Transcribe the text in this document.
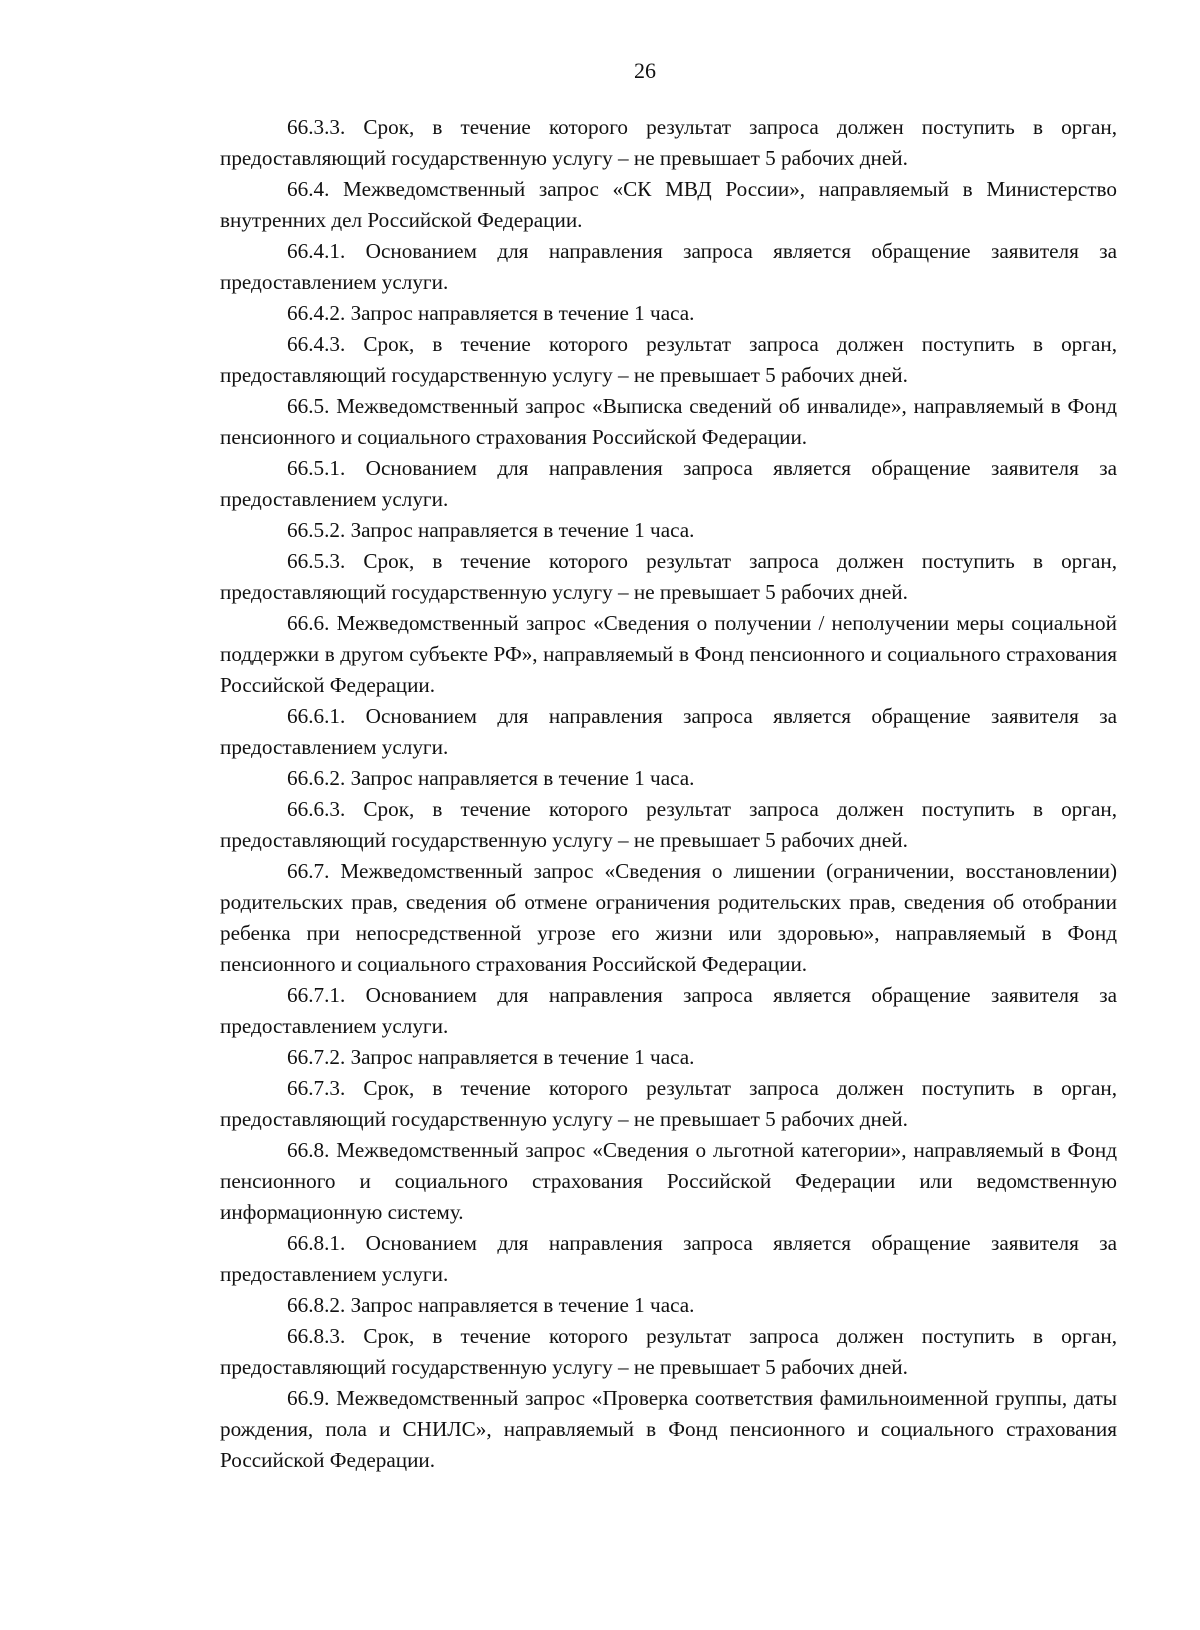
26

66.3.3. Срок, в течение которого результат запроса должен поступить в орган, предоставляющий государственную услугу – не превышает 5 рабочих дней.

66.4. Межведомственный запрос «СК МВД России», направляемый в Министерство внутренних дел Российской Федерации.

66.4.1. Основанием для направления запроса является обращение заявителя за предоставлением услуги.

66.4.2. Запрос направляется в течение 1 часа.

66.4.3. Срок, в течение которого результат запроса должен поступить в орган, предоставляющий государственную услугу – не превышает 5 рабочих дней.

66.5. Межведомственный запрос «Выписка сведений об инвалиде», направляемый в Фонд пенсионного и социального страхования Российской Федерации.

66.5.1. Основанием для направления запроса является обращение заявителя за предоставлением услуги.

66.5.2. Запрос направляется в течение 1 часа.

66.5.3. Срок, в течение которого результат запроса должен поступить в орган, предоставляющий государственную услугу – не превышает 5 рабочих дней.

66.6. Межведомственный запрос «Сведения о получении / неполучении меры социальной поддержки в другом субъекте РФ», направляемый в Фонд пенсионного и социального страхования Российской Федерации.

66.6.1. Основанием для направления запроса является обращение заявителя за предоставлением услуги.

66.6.2. Запрос направляется в течение 1 часа.

66.6.3. Срок, в течение которого результат запроса должен поступить в орган, предоставляющий государственную услугу – не превышает 5 рабочих дней.

66.7. Межведомственный запрос «Сведения о лишении (ограничении, восстановлении) родительских прав, сведения об отмене ограничения родительских прав, сведения об отобрании ребенка при непосредственной угрозе его жизни или здоровью», направляемый в Фонд пенсионного и социального страхования Российской Федерации.

66.7.1. Основанием для направления запроса является обращение заявителя за предоставлением услуги.

66.7.2. Запрос направляется в течение 1 часа.

66.7.3. Срок, в течение которого результат запроса должен поступить в орган, предоставляющий государственную услугу – не превышает 5 рабочих дней.

66.8. Межведомственный запрос «Сведения о льготной категории», направляемый в Фонд пенсионного и социального страхования Российской Федерации или ведомственную информационную систему.

66.8.1. Основанием для направления запроса является обращение заявителя за предоставлением услуги.

66.8.2. Запрос направляется в течение 1 часа.

66.8.3. Срок, в течение которого результат запроса должен поступить в орган, предоставляющий государственную услугу – не превышает 5 рабочих дней.

66.9. Межведомственный запрос «Проверка соответствия фамильноименной группы, даты рождения, пола и СНИЛС», направляемый в Фонд пенсионного и социального страхования Российской Федерации.
